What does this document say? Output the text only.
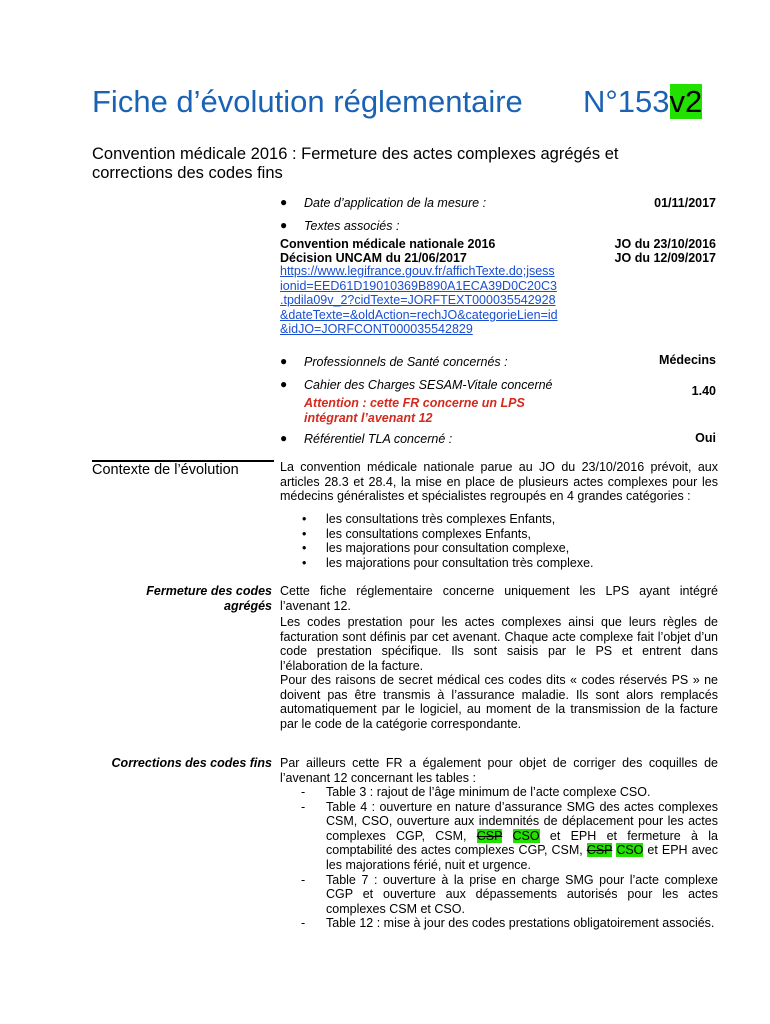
Fiche d’évolution réglementaire N°153v2
Convention médicale 2016 : Fermeture des actes complexes agrégés et corrections des codes fins
● Date d’application de la mesure :	01/11/2017
● Textes associés :
Convention médicale nationale 2016	JO du 23/10/2016
Décision UNCAM du 21/06/2017	JO du 12/09/2017
https://www.legifrance.gouv.fr/affichTexte.do;jsess
ionid=EED61D19010369B890A1ECA39D0C20C3
.tpdila09v_2?cidTexte=JORFTEXT000035542928
&dateTexte=&oldAction=rechJO&categorieLien=id
&idJO=JORFCONT000035542829
● Professionnels de Santé concernés :	Médecins
● Cahier des Charges SESAM-Vitale concerné	1.40
Attention : cette FR concerne un LPS
intégrant l’avenant 12
● Référentiel TLA concerné :	Oui
Contexte de l’évolution	La convention médicale nationale parue au JO du 23/10/2016 prévoit, aux articles 28.3 et 28.4, la mise en place de plusieurs actes complexes pour les médecins généralistes et spécialistes regroupés en 4 grandes catégories :
• les consultations très complexes Enfants,
• les consultations complexes Enfants,
• les majorations pour consultation complexe,
• les majorations pour consultation très complexe.
Fermeture des codes
agrégés
Cette fiche réglementaire concerne uniquement les LPS ayant intégré l’avenant 12.
Les codes prestation pour les actes complexes ainsi que leurs règles de facturation sont définis par cet avenant. Chaque acte complexe fait l’objet d’un code prestation spécifique. Ils sont saisis par le PS et entrent dans l’élaboration de la facture.
Pour des raisons de secret médical ces codes dits « codes réservés PS » ne doivent pas être transmis à l’assurance maladie. Ils sont alors remplacés automatiquement par le logiciel, au moment de la transmission de la facture par le code de la catégorie correspondante.
Corrections des codes fins Par ailleurs cette FR a également pour objet de corriger des coquilles de l’avenant 12 concernant les tables :
- Table 3 : rajout de l’âge minimum de l’acte complexe CSO.
- Table 4 : ouverture en nature d’assurance SMG des actes complexes CSM, CSO, ouverture aux indemnités de déplacement pour les actes complexes CGP, CSM, CSP CSO et EPH et fermeture à la comptabilité des actes complexes CGP, CSM, CSP CSO et EPH avec les majorations férié, nuit et urgence.
- Table 7 : ouverture à la prise en charge SMG pour l’acte complexe CGP et ouverture aux dépassements autorisés pour les actes complexes CSM et CSO.
- Table 12 : mise à jour des codes prestations obligatoirement associés.
